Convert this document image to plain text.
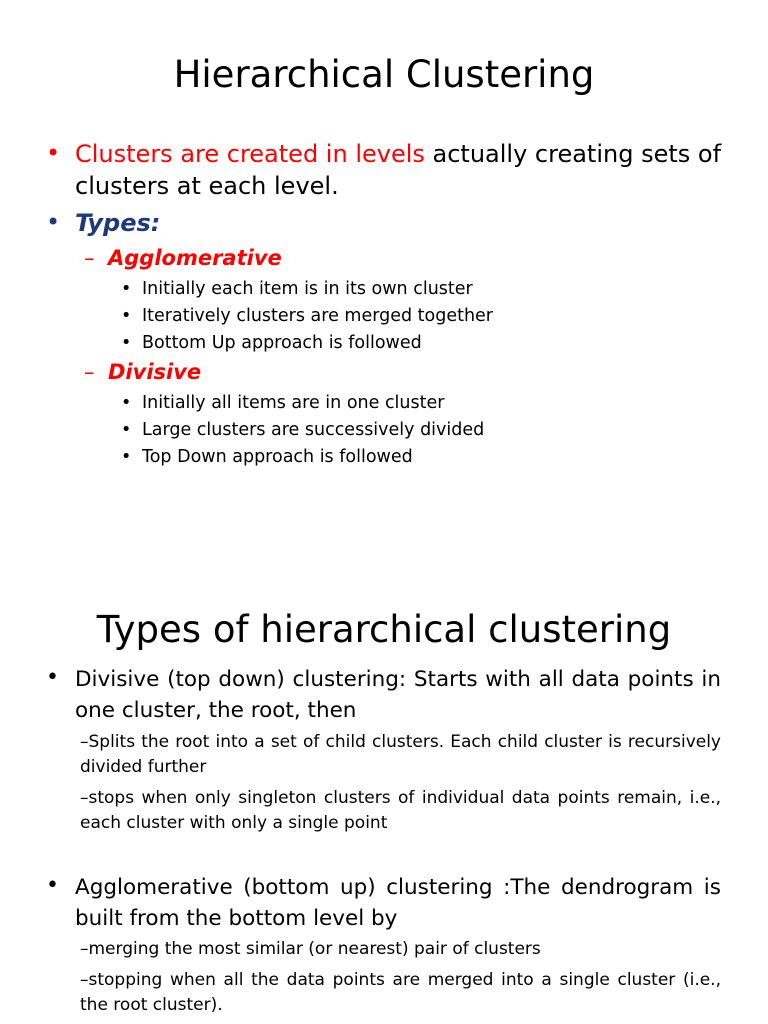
Hierarchical Clustering
• Clusters are created in levels actually creating sets of clusters at each level.
• Types:
– Agglomerative
• Initially each item is in its own cluster
• Iteratively clusters are merged together
• Bottom Up approach is followed
– Divisive
• Initially all items are in one cluster
• Large clusters are successively divided
• Top Down approach is followed
Types of hierarchical clustering
• Divisive (top down) clustering: Starts with all data points in one cluster, the root, then
–Splits the root into a set of child clusters. Each child cluster is recursively divided further
–stops when only singleton clusters of individual data points remain, i.e., each cluster with only a single point
• Agglomerative (bottom up) clustering :The dendrogram is built from the bottom level by
–merging the most similar (or nearest) pair of clusters
–stopping when all the data points are merged into a single cluster (i.e., the root cluster).
